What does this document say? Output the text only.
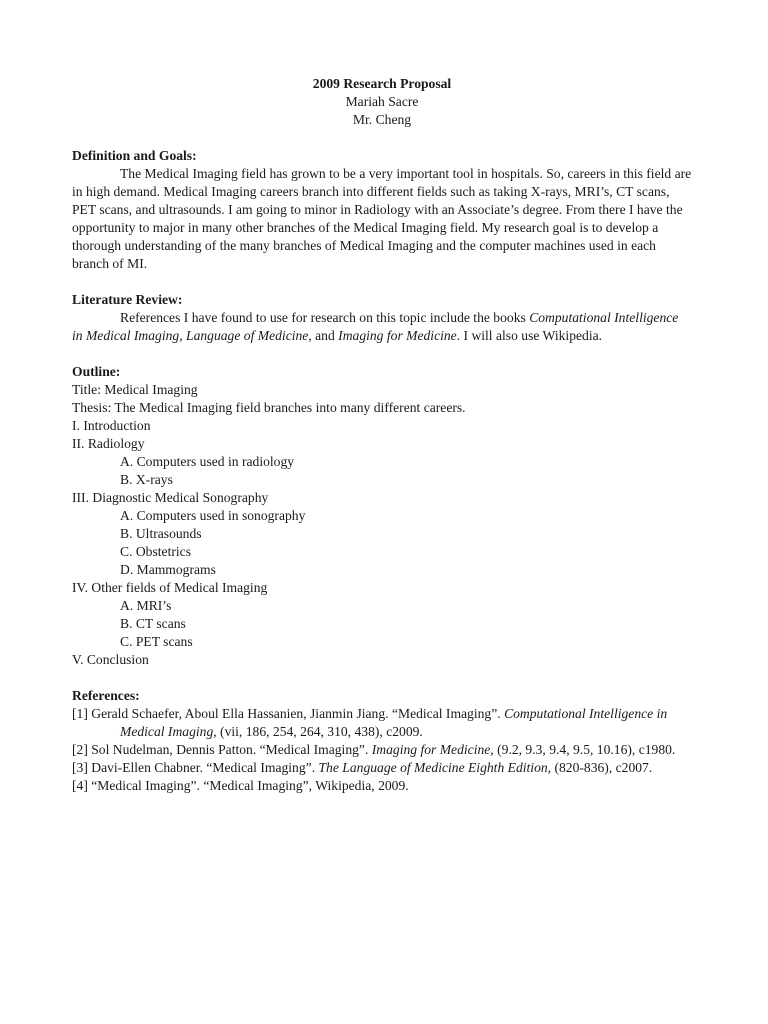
2009 Research Proposal
Mariah Sacre
Mr. Cheng
Definition and Goals:
The Medical Imaging field has grown to be a very important tool in hospitals. So, careers in this field are in high demand. Medical Imaging careers branch into different fields such as taking X-rays, MRI’s, CT scans, PET scans, and ultrasounds. I am going to minor in Radiology with an Associate’s degree. From there I have the opportunity to major in many other branches of the Medical Imaging field. My research goal is to develop a thorough understanding of the many branches of Medical Imaging and the computer machines used in each branch of MI.
Literature Review:
References I have found to use for research on this topic include the books Computational Intelligence in Medical Imaging, Language of Medicine, and Imaging for Medicine. I will also use Wikipedia.
Outline:
Title: Medical Imaging
Thesis: The Medical Imaging field branches into many different careers.
I. Introduction
II. Radiology
A. Computers used in radiology
B. X-rays
III. Diagnostic Medical Sonography
A. Computers used in sonography
B. Ultrasounds
C. Obstetrics
D. Mammograms
IV. Other fields of Medical Imaging
A. MRI’s
B. CT scans
C. PET scans
V. Conclusion
References:
[1] Gerald Schaefer, Aboul Ella Hassanien, Jianmin Jiang. “Medical Imaging”. Computational Intelligence in Medical Imaging, (vii, 186, 254, 264, 310, 438), c2009.
[2] Sol Nudelman, Dennis Patton. “Medical Imaging”. Imaging for Medicine, (9.2, 9.3, 9.4, 9.5, 10.16), c1980.
[3] Davi-Ellen Chabner. “Medical Imaging”. The Language of Medicine Eighth Edition, (820-836), c2007.
[4] “Medical Imaging”. “Medical Imaging”, Wikipedia, 2009.
